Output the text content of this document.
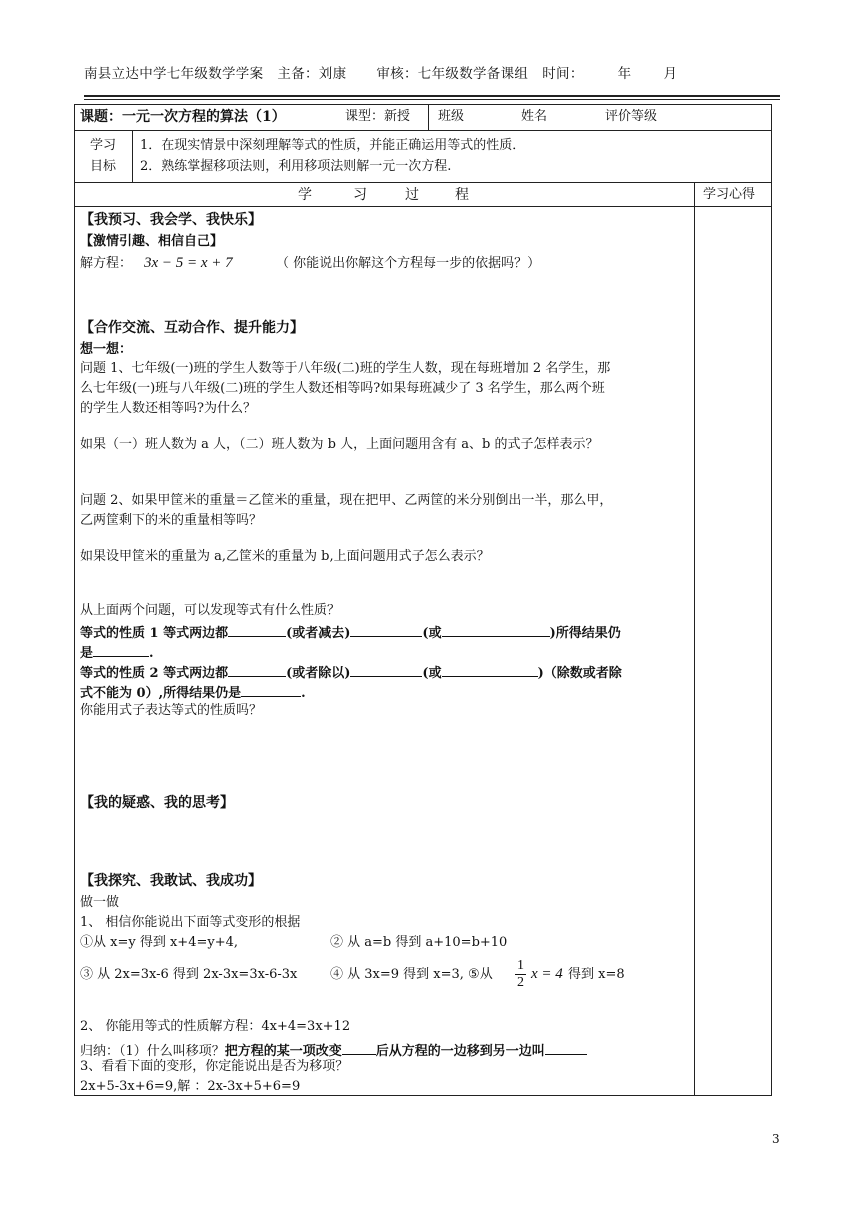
南县立达中学七年级数学学案 主备：刘康 审核：七年级数学备课组 时间：	年 月
课题：一元一次方程的算法（1）	课型：新授 班级	姓名	评价等级
学习
目标
1．在现实情景中深刻理解等式的性质，并能正确运用等式的性质．
2．熟练掌握移项法则，利用移项法则解一元一次方程.
学	习	过	程	学习心得
【我预习、我会学、我快乐】
【激情引趣、相信自己】
解方程： 3x − 5 = x + 7	（ 你能说出你解这个方程每一步的依据吗？）
【合作交流、互动合作、提升能力】
想一想：
问题 1、七年级(一)班的学生人数等于八年级(二)班的学生人数，现在每班增加 2 名学生，那
么七年级(一)班与八年级(二)班的学生人数还相等吗?如果每班减少了 3 名学生，那么两个班
的学生人数还相等吗?为什么？
如果（一）班人数为 a 人，（二）班人数为 b 人，上面问题用含有 a、b 的式子怎样表示？
问题 2、如果甲筐米的重量＝乙筐米的重量，现在把甲、乙两筐的米分别倒出一半，那么甲，
乙两筐剩下的米的重量相等吗？
如果设甲筐米的重量为 a,乙筐米的重量为 b,上面问题用式子怎么表示？
从上面两个问题，可以发现等式有什么性质？
等式的性质 1 等式两边都	(或者减去)	(或	)所得结果仍
是	.
等式的性质 2 等式两边都	(或者除以)	(或	)（除数或者除
式不能为 0）,所得结果仍是	.
你能用式子表达等式的性质吗？
【我的疑惑、我的思考】
【我探究、我敢试、我成功】
做一做
1、 相信你能说出下面等式变形的根据
①从 x=y 得到 x+4=y+4,	② 从 a=b 得到 a+10=b+10
③ 从 2x=3x-6 得到 2x-3x=3x-6-3x	④ 从 3x=9 得到 x=3, ⑤从 $\frac{1}{2}$ x = 4 得到 x=8
2、 你能用等式的性质解方程：4x+4=3x+12
归纳：（1）什么叫移项？把方程的某一项改变	后从方程的一边移到另一边叫
3、看看下面的变形，你定能说出是否为移项？
2x+5-3x+6=9,解 ：2x-3x+5+6=9
3
